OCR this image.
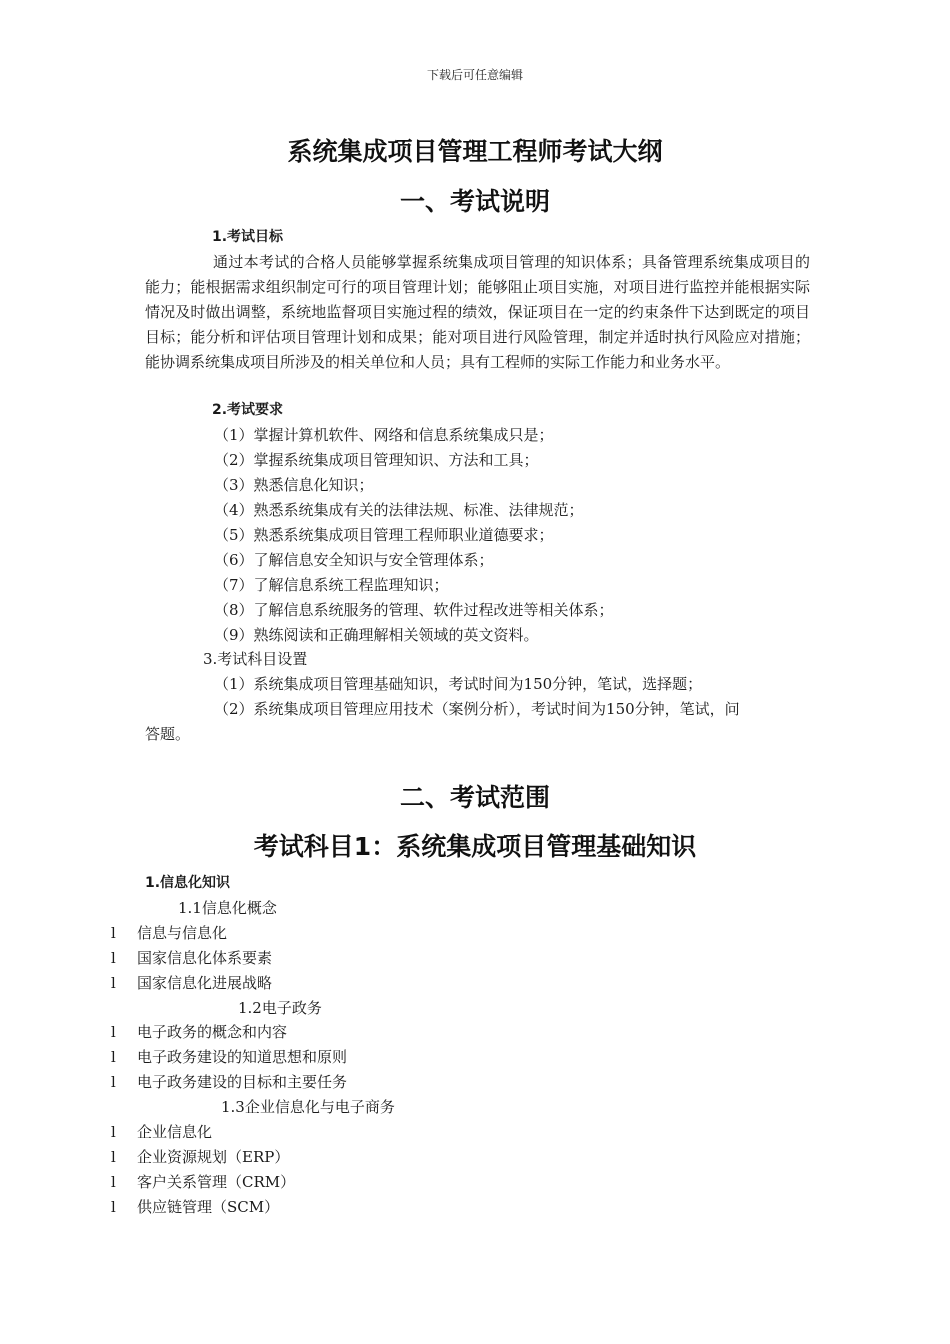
下载后可任意编辑
系统集成项目管理工程师考试大纲
一、考试说明
1.考试目标

通过本考试的合格人员能够掌握系统集成项目管理的知识体系；具备管理系统集成项目的能力；能根据需求组织制定可行的项目管理计划；能够阻止项目实施，对项目进行监控并能根据实际情况及时做出调整，系统地监督项目实施过程的绩效，保证项目在一定的约束条件下达到既定的项目目标；能分析和评估项目管理计划和成果；能对项目进行风险管理，制定并适时执行风险应对措施；能协调系统集成项目所涉及的相关单位和人员；具有工程师的实际工作能力和业务水平。

2.考试要求
（1）掌握计算机软件、网络和信息系统集成只是；
（2）掌握系统集成项目管理知识、方法和工具；
（3）熟悉信息化知识；
（4）熟悉系统集成有关的法律法规、标准、法律规范；
（5）熟悉系统集成项目管理工程师职业道德要求；
（6）了解信息安全知识与安全管理体系；
（7）了解信息系统工程监理知识；
（8）了解信息系统服务的管理、软件过程改进等相关体系；
（9）熟练阅读和正确理解相关领域的英文资料。
3.考试科目设置
（1）系统集成项目管理基础知识，考试时间为150分钟，笔试，选择题；
（2）系统集成项目管理应用技术（案例分析），考试时间为150分钟，笔试，问
答题。
二、考试范围
考试科目1：系统集成项目管理基础知识
1.信息化知识
1.1信息化概念
l 信息与信息化
l 国家信息化体系要素
l 国家信息化进展战略
1.2电子政务
l 电子政务的概念和内容
l 电子政务建设的知道思想和原则
l 电子政务建设的目标和主要任务
1.3企业信息化与电子商务
l 企业信息化
l 企业资源规划（ERP）
l 客户关系管理（CRM）
l 供应链管理（SCM）
